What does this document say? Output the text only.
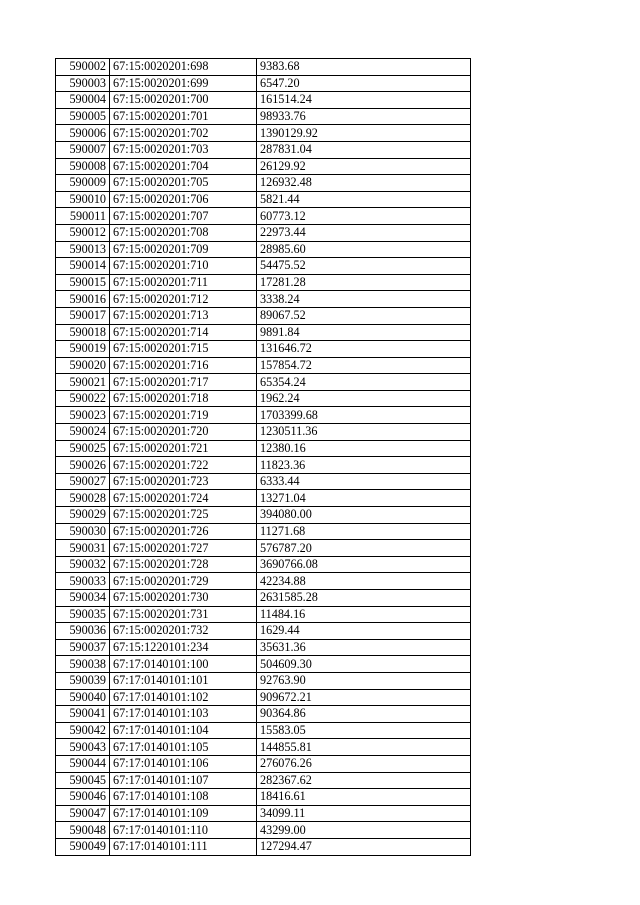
590002	67:15:0020201:698	9383.68
590003	67:15:0020201:699	6547.20
590004	67:15:0020201:700	161514.24
590005	67:15:0020201:701	98933.76
590006	67:15:0020201:702	1390129.92
590007	67:15:0020201:703	287831.04
590008	67:15:0020201:704	26129.92
590009	67:15:0020201:705	126932.48
590010	67:15:0020201:706	5821.44
590011	67:15:0020201:707	60773.12
590012	67:15:0020201:708	22973.44
590013	67:15:0020201:709	28985.60
590014	67:15:0020201:710	54475.52
590015	67:15:0020201:711	17281.28
590016	67:15:0020201:712	3338.24
590017	67:15:0020201:713	89067.52
590018	67:15:0020201:714	9891.84
590019	67:15:0020201:715	131646.72
590020	67:15:0020201:716	157854.72
590021	67:15:0020201:717	65354.24
590022	67:15:0020201:718	1962.24
590023	67:15:0020201:719	1703399.68
590024	67:15:0020201:720	1230511.36
590025	67:15:0020201:721	12380.16
590026	67:15:0020201:722	11823.36
590027	67:15:0020201:723	6333.44
590028	67:15:0020201:724	13271.04
590029	67:15:0020201:725	394080.00
590030	67:15:0020201:726	11271.68
590031	67:15:0020201:727	576787.20
590032	67:15:0020201:728	3690766.08
590033	67:15:0020201:729	42234.88
590034	67:15:0020201:730	2631585.28
590035	67:15:0020201:731	11484.16
590036	67:15:0020201:732	1629.44
590037	67:15:1220101:234	35631.36
590038	67:17:0140101:100	504609.30
590039	67:17:0140101:101	92763.90
590040	67:17:0140101:102	909672.21
590041	67:17:0140101:103	90364.86
590042	67:17:0140101:104	15583.05
590043	67:17:0140101:105	144855.81
590044	67:17:0140101:106	276076.26
590045	67:17:0140101:107	282367.62
590046	67:17:0140101:108	18416.61
590047	67:17:0140101:109	34099.11
590048	67:17:0140101:110	43299.00
590049	67:17:0140101:111	127294.47
